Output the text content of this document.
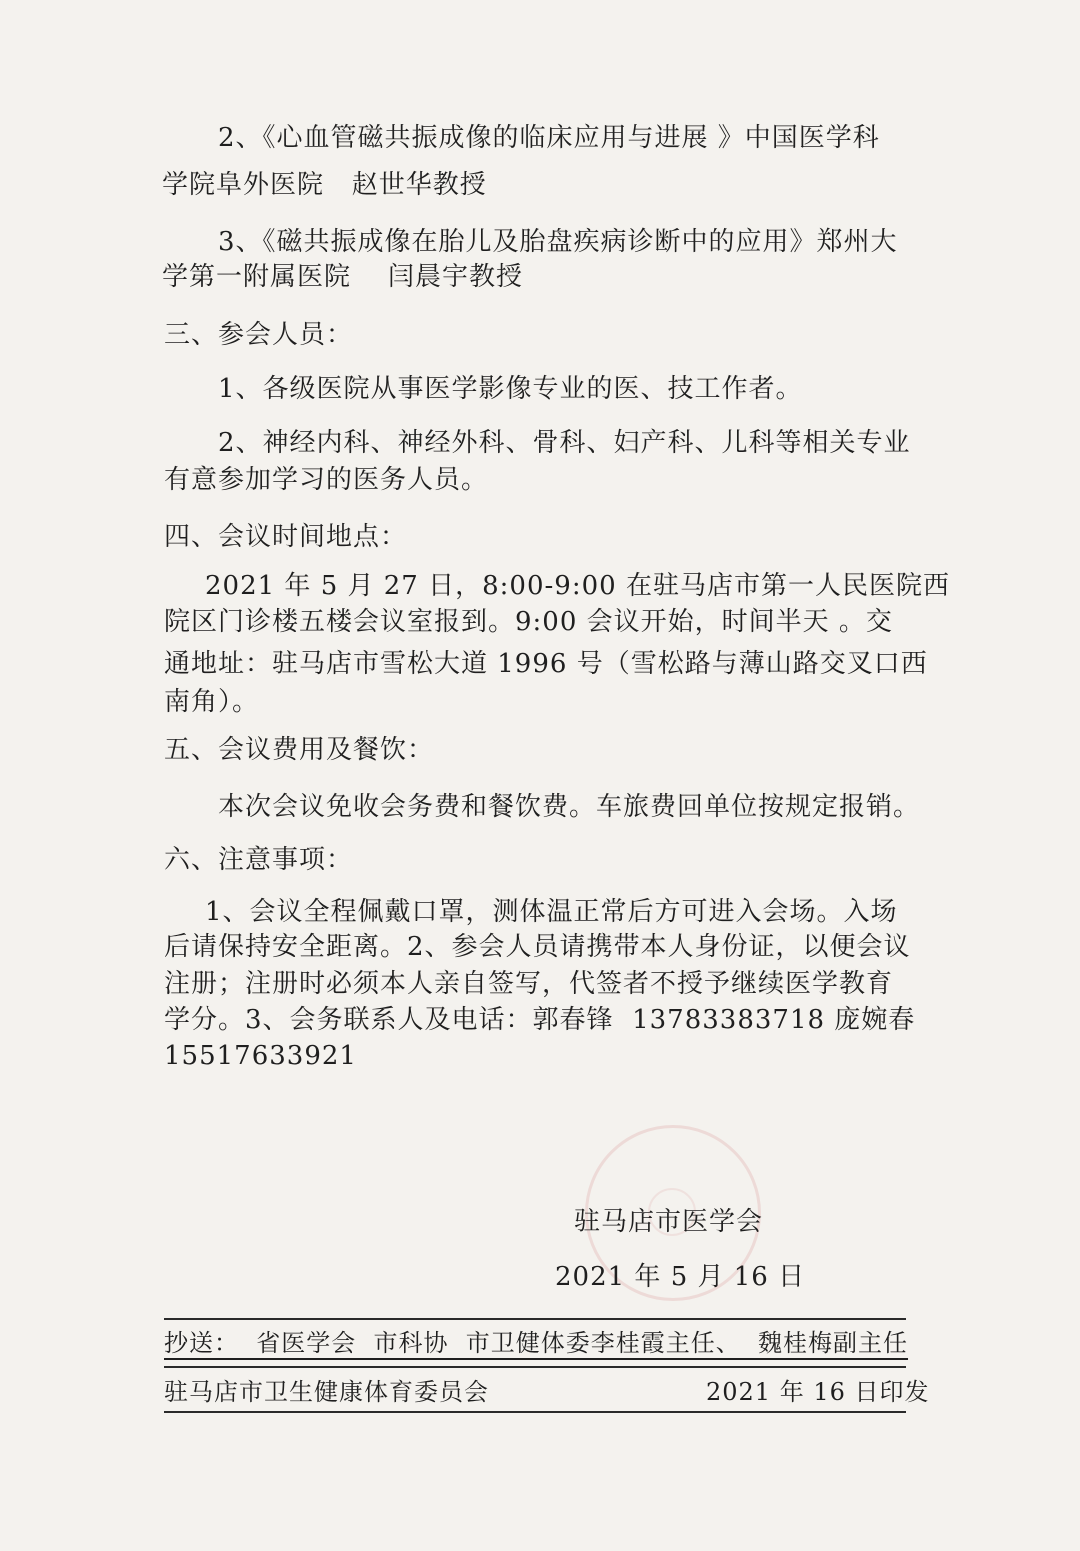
2、《心血管磁共振成像的临床应用与进展 》中国医学科
学院阜外医院   赵世华教授
3、《磁共振成像在胎儿及胎盘疾病诊断中的应用》郑州大
学第一附属医院    闫晨宇教授
三、参会人员：
1、各级医院从事医学影像专业的医、技工作者。
2、神经内科、神经外科、骨科、妇产科、儿科等相关专业
有意参加学习的医务人员。
四、会议时间地点：
2021 年 5 月 27 日，8:00-9:00 在驻马店市第一人民医院西
院区门诊楼五楼会议室报到。9:00 会议开始，时间半天 。交
通地址：驻马店市雪松大道 1996 号（雪松路与薄山路交叉口西
南角）。
五、会议费用及餐饮：
本次会议免收会务费和餐饮费。车旅费回单位按规定报销。
六、注意事项：
1、会议全程佩戴口罩，测体温正常后方可进入会场。入场
后请保持安全距离。2、参会人员请携带本人身份证，以便会议
注册；注册时必须本人亲自签写，代签者不授予继续医学教育
学分。3、会务联系人及电话：郭春锋  13783383718 庞婉春
15517633921
驻马店市医学会
2021 年 5 月 16 日
抄送：  省医学会  市科协  市卫健体委李桂霞主任、  魏桂梅副主任
驻马店市卫生健康体育委员会	2021 年 16 日印发
